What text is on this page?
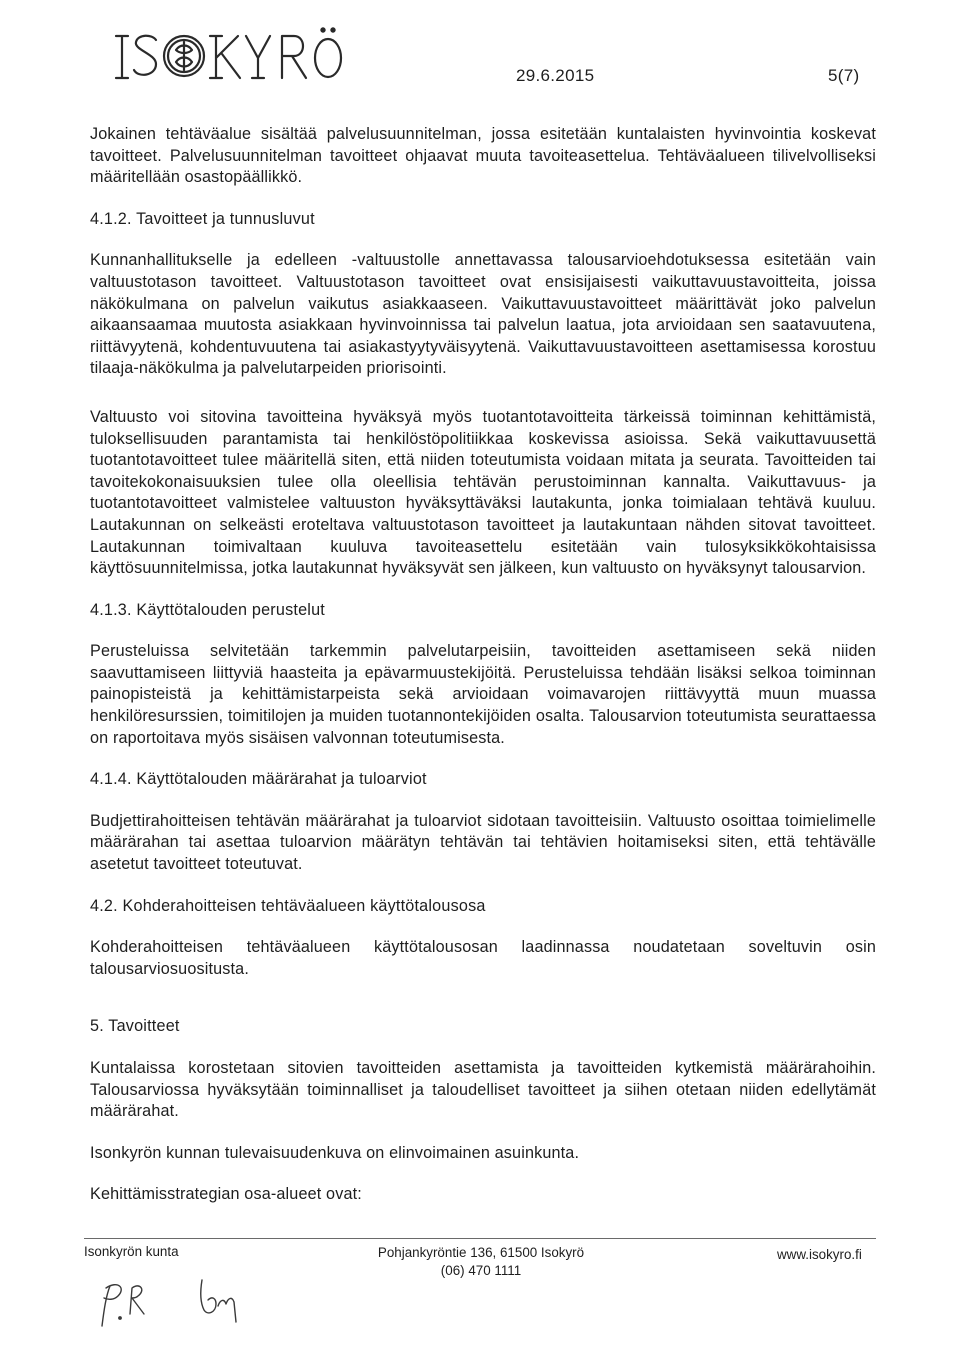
29.6.2015	5(7)

Jokainen tehtäväalue sisältää palvelusuunnitelman, jossa esitetään kuntalaisten hyvinvointia koskevat tavoitteet. Palvelusuunnitelman tavoitteet ohjaavat muuta tavoiteasettelua. Tehtäväalueen tilivelvolliseksi määritellään osastopäällikkö.

4.1.2. Tavoitteet ja tunnusluvut

Kunnanhallitukselle ja edelleen -valtuustolle annettavassa talousarvioehdotuksessa esitetään vain valtuustotason tavoitteet. Valtuustotason tavoitteet ovat ensisijaisesti vaikuttavuustavoitteita, joissa näkökulmana on palvelun vaikutus asiakkaaseen. Vaikuttavuustavoitteet määrittävät joko palvelun aikaansaamaa muutosta asiakkaan hyvinvoinnissa tai palvelun laatua, jota arvioidaan sen saatavuutena, riittävyytenä, kohdentuvuutena tai asiakastyytyväisyytenä. Vaikuttavuustavoitteen asettamisessa korostuu tilaaja-näkökulma ja palvelutarpeiden priorisointi.

Valtuusto voi sitovina tavoitteina hyväksyä myös tuotantotavoitteita tärkeissä toiminnan kehittämistä, tuloksellisuuden parantamista tai henkilöstöpolitiikkaa koskevissa asioissa. Sekä vaikuttavuusettä tuotantotavoitteet tulee määritellä siten, että niiden toteutumista voidaan mitata ja seurata. Tavoitteiden tai tavoitekokonaisuuksien tulee olla oleellisia tehtävän perustoiminnan kannalta. Vaikuttavuus- ja tuotantotavoitteet valmistelee valtuuston hyväksyttäväksi lautakunta, jonka toimialaan tehtävä kuuluu. Lautakunnan on selkeästi eroteltava valtuustotason tavoitteet ja lautakuntaan nähden sitovat tavoitteet. Lautakunnan toimivaltaan kuuluva tavoiteasettelu esitetään vain tulosyksikkökohtaisissa käyttösuunnitelmissa, jotka lautakunnat hyväksyvät sen jälkeen, kun valtuusto on hyväksynyt talousarvion.

4.1.3. Käyttötalouden perustelut

Perusteluissa selvitetään tarkemmin palvelutarpeisiin, tavoitteiden asettamiseen sekä niiden saavuttamiseen liittyviä haasteita ja epävarmuustekijöitä. Perusteluissa tehdään lisäksi selkoa toiminnan painopisteistä ja kehittämistarpeista sekä arvioidaan voimavarojen riittävyyttä muun muassa henkilöresurssien, toimitilojen ja muiden tuotannontekijöiden osalta. Talousarvion toteutumista seurattaessa on raportoitava myös sisäisen valvonnan toteutumisesta.

4.1.4. Käyttötalouden määrärahat ja tuloarviot

Budjettirahoitteisen tehtävän määrärahat ja tuloarviot sidotaan tavoitteisiin. Valtuusto osoittaa toimielimelle määrärahan tai asettaa tuloarvion määrätyn tehtävän tai tehtävien hoitamiseksi siten, että tehtävälle asetetut tavoitteet toteutuvat.

4.2. Kohderahoitteisen tehtäväalueen käyttötalousosa

Kohderahoitteisen tehtäväalueen käyttötalousosan laadinnassa noudatetaan soveltuvin osin talousarviosuositusta.

5. Tavoitteet

Kuntalaissa korostetaan sitovien tavoitteiden asettamista ja tavoitteiden kytkemistä määrärahoihin. Talousarviossa hyväksytään toiminnalliset ja taloudelliset tavoitteet ja siihen otetaan niiden edellytämät määrärahat.

Isonkyrön kunnan tulevaisuudenkuva on elinvoimainen asuinkunta.

Kehittämisstrategian osa-alueet ovat:

Isonkyrön kunta	Pohjankyröntie 136, 61500 Isokyrö
(06) 470 1111
www.isokyro.fi
